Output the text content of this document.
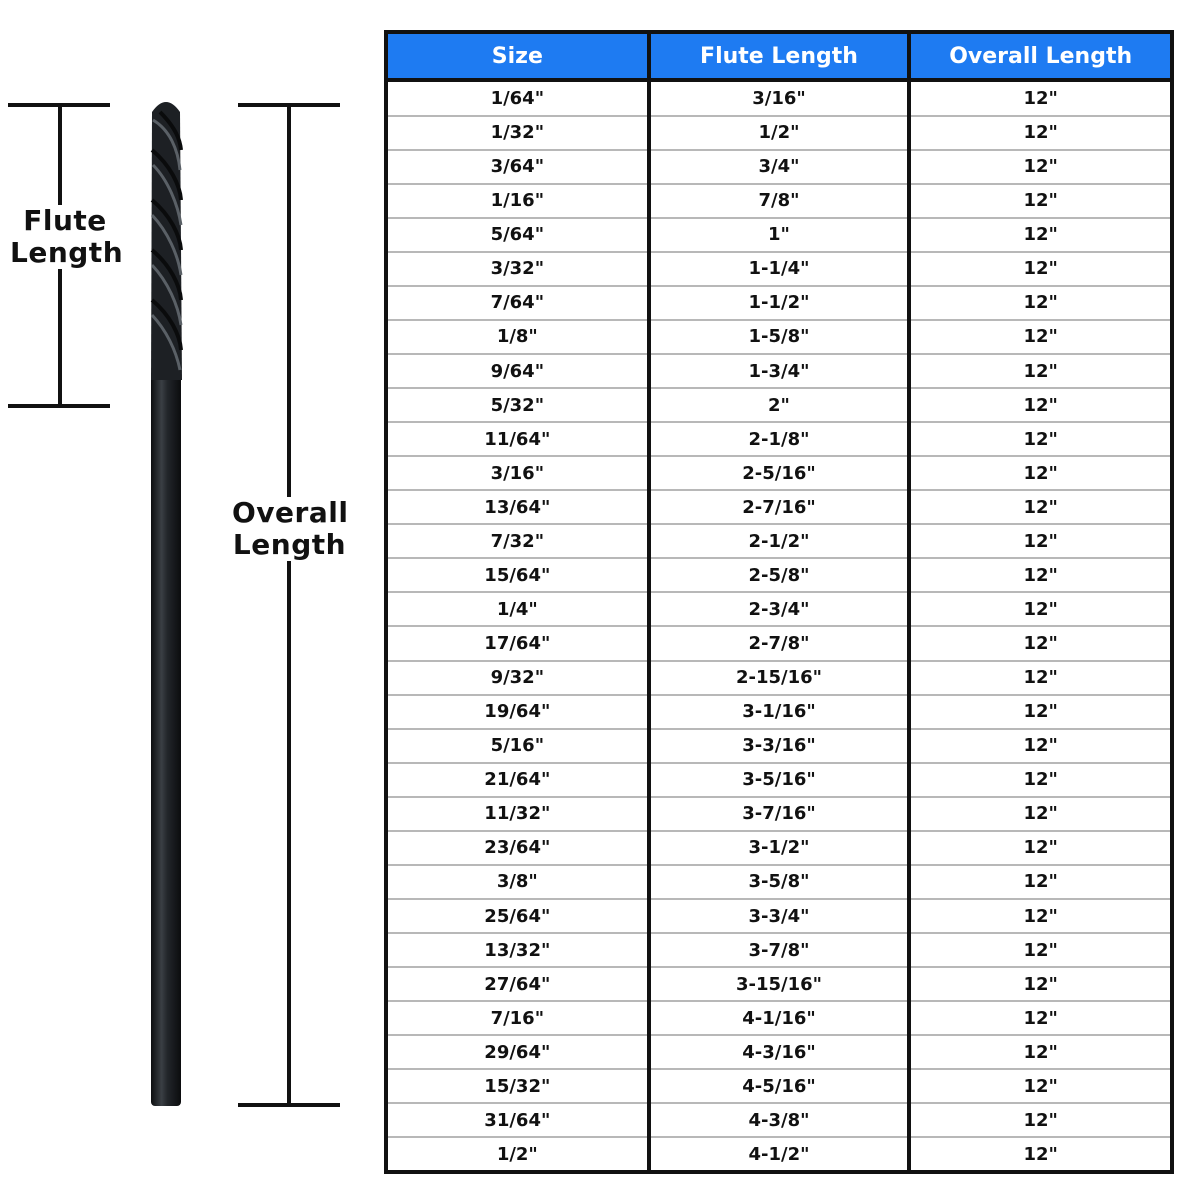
Flute Length
Overall Length
Size	Flute Length	Overall Length
1/64"	3/16"	12"
1/32"	1/2"	12"
3/64"	3/4"	12"
1/16"	7/8"	12"
5/64"	1"	12"
3/32"	1-1/4"	12"
7/64"	1-1/2"	12"
1/8"	1-5/8"	12"
9/64"	1-3/4"	12"
5/32"	2"	12"
11/64"	2-1/8"	12"
3/16"	2-5/16"	12"
13/64"	2-7/16"	12"
7/32"	2-1/2"	12"
15/64"	2-5/8"	12"
1/4"	2-3/4"	12"
17/64"	2-7/8"	12"
9/32"	2-15/16"	12"
19/64"	3-1/16"	12"
5/16"	3-3/16"	12"
21/64"	3-5/16"	12"
11/32"	3-7/16"	12"
23/64"	3-1/2"	12"
3/8"	3-5/8"	12"
25/64"	3-3/4"	12"
13/32"	3-7/8"	12"
27/64"	3-15/16"	12"
7/16"	4-1/16"	12"
29/64"	4-3/16"	12"
15/32"	4-5/16"	12"
31/64"	4-3/8"	12"
1/2"	4-1/2"	12"
